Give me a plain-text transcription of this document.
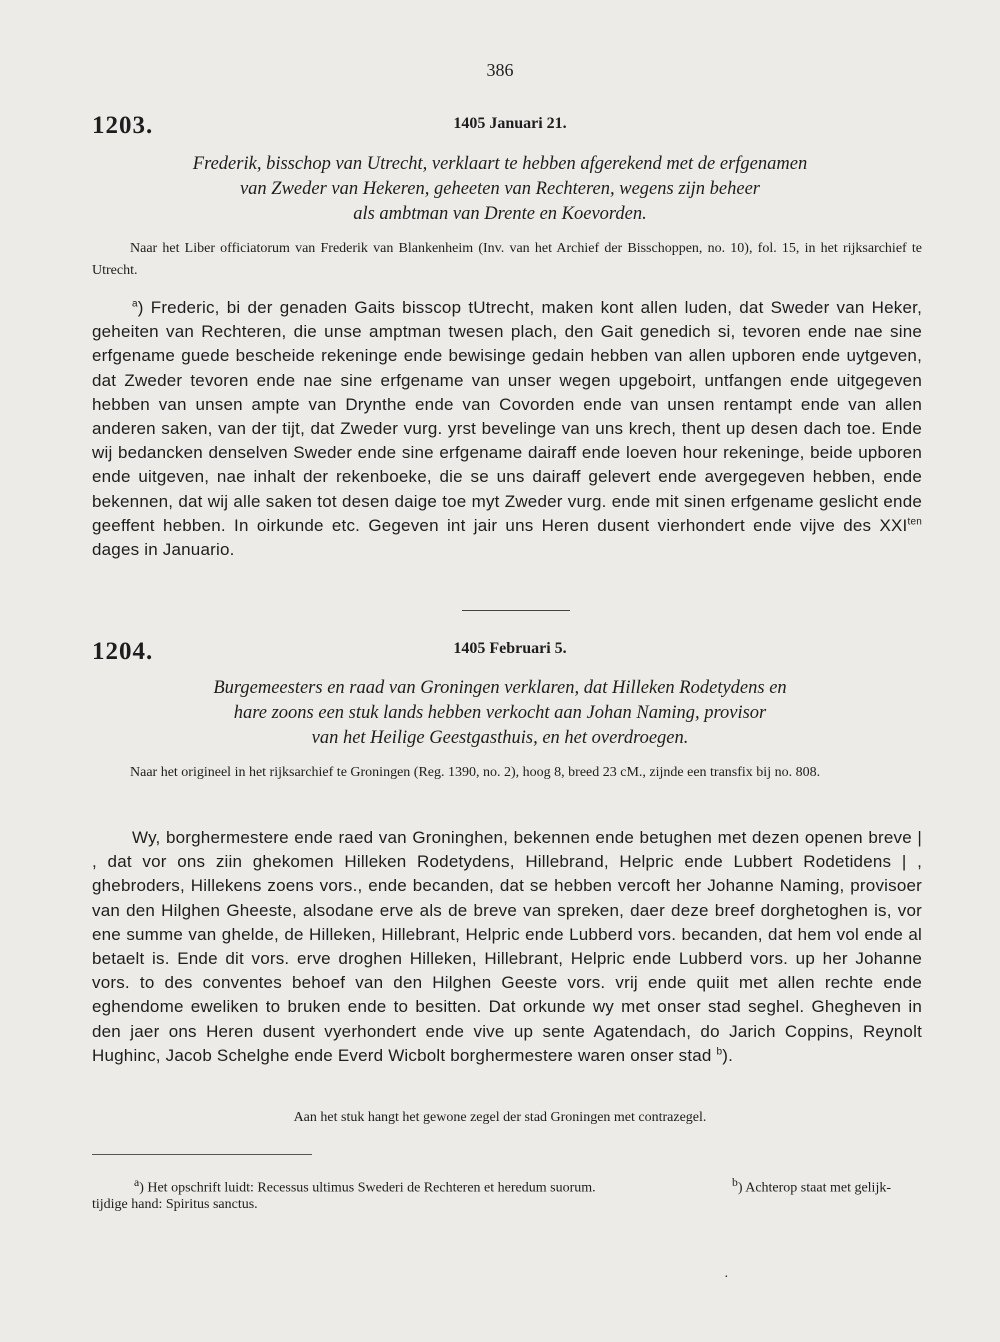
386
1203.	1405 Januari 21.
Frederik, bisschop van Utrecht, verklaart te hebben afgerekend met de erfgenamen
van Zweder van Hekeren, geheeten van Rechteren, wegens zijn beheer
als ambtman van Drente en Koevorden.
Naar het Liber officiatorum van Frederik van Blankenheim (Inv. van het Archief der Bisschoppen, no. 10), fol. 15, in het rijksarchief te Utrecht.
$^a$) Frederic, bi der genaden Gaits bisscop tUtrecht, maken kont allen luden, dat Sweder van Heker, geheiten van Rechteren, die unse amptman twesen plach, den Gait genedich si, tevoren ende nae sine erfgename guede bescheide rekeninge ende bewisinge gedain hebben van allen upboren ende uytgeven, dat Zweder tevoren ende nae sine erfgename van unser wegen upgeboirt, untfangen ende uitgegeven hebben van unsen ampte van Drynthe ende van Covorden ende van unsen rentampt ende van allen anderen saken, van der tijt, dat Zweder vurg. yrst bevelinge van uns krech, thent up desen dach toe. Ende wij bedancken denselven Sweder ende sine erfgename dairaff ende loeven hour rekeninge, beide upboren ende uitgeven, nae inhalt der rekenboeke, die se uns dairaff gelevert ende avergegeven hebben, ende bekennen, dat wij alle saken tot desen daige toe myt Zweder vurg. ende mit sinen erfgename geslicht ende geeffent hebben. In oirkunde etc. Gegeven int jair uns Heren dusent vierhondert ende vijve des $XXI^{ten}$ dages in Januario.
1204.	1405 Februari 5.
Burgemeesters en raad van Groningen verklaren, dat Hilleken Rodetydens en
hare zoons een stuk lands hebben verkocht aan Johan Naming, provisor
van het Heilige Geestgasthuis, en het overdroegen.
Naar het origineel in het rijksarchief te Groningen (Reg. 1390, no. 2), hoog 8, breed 23 cM., zijnde een transfix bij no. 808.
Wy, borghermestere ende raed van Groninghen, bekennen ende betughen met dezen openen breve | , dat vor ons ziin ghekomen Hilleken Rodetydens, Hillebrand, Helpric ende Lubbert Rodetidens | , ghebroders, Hillekens zoens vors., ende becanden, dat se hebben vercoft her Johanne Naming, provisoer van den Hilghen Gheeste, alsodane erve als de breve van spreken, daer deze breef dorghetoghen is, vor ene summe van ghelde, de Hilleken, Hillebrant, Helpric ende Lubberd vors. becanden, dat hem vol ende al betaelt is. Ende dit vors. erve droghen Hilleken, Hillebrant, Helpric ende Lubberd vors. up her Johanne vors. to des conventes behoef van den Hilghen Geeste vors. vrij ende quiit met allen rechte ende eghendome eweliken to bruken ende to besitten. Dat orkunde wy met onser stad seghel. Ghegheven in den jaer ons Heren dusent vyerhondert ende vive up sente Agatendach, do Jarich Coppins, Reynolt Hughinc, Jacob Schelghe ende Everd Wicbolt borghermestere waren onser stad $^b$).
Aan het stuk hangt het gewone zegel der stad Groningen met contrazegel.
$^a$) Het opschrift luidt: Recessus ultimus Swederi de Rechteren et heredum suorum.	$^b$) Achterop staat met gelijk-
tijdige hand: Spiritus sanctus.
·
